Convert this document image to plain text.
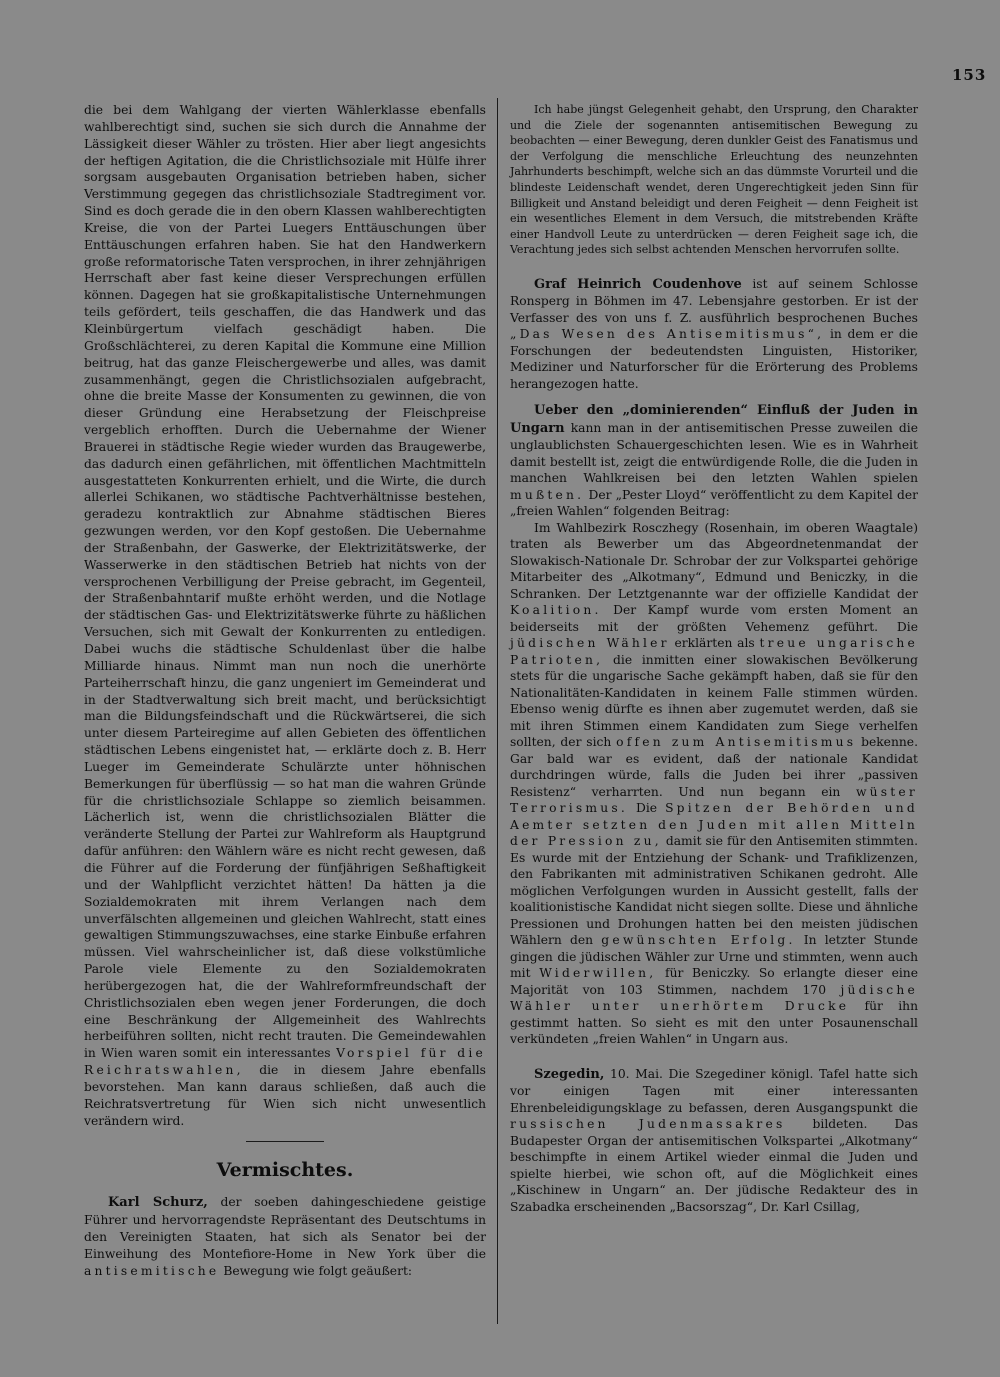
153

die bei dem Wahlgang der vierten Wählerklasse ebenfalls wahlberechtigt sind, suchen sie sich durch die Annahme der Lässigkeit dieser Wähler zu trösten. Hier aber liegt angesichts der heftigen Agitation, die die Christlichsoziale mit Hülfe ihrer sorgsam ausgebauten Organisation betrieben haben, sicher Verstimmung gegegen das christlichsoziale Stadtregiment vor. Sind es doch gerade die in den obern Klassen wahlberechtigten Kreise, die von der Partei Luegers Enttäuschungen über Enttäuschungen erfahren haben. Sie hat den Handwerkern große reformatorische Taten versprochen, in ihrer zehnjährigen Herrschaft aber fast keine dieser Versprechungen erfüllen können. Dagegen hat sie großkapitalistische Unternehmungen teils gefördert, teils geschaffen, die das Handwerk und das Kleinbürgertum vielfach geschädigt haben. Die Großschlächterei, zu deren Kapital die Kommune eine Million beitrug, hat das ganze Fleischergewerbe und alles, was damit zusammenhängt, gegen die Christlichsozialen aufgebracht, ohne die breite Masse der Konsumenten zu gewinnen, die von dieser Gründung eine Herabsetzung der Fleischpreise vergeblich erhofften. Durch die Uebernahme der Wiener Brauerei in städtische Regie wieder wurden das Braugewerbe, das dadurch einen gefährlichen, mit öffentlichen Machtmitteln ausgestatteten Konkurrenten erhielt, und die Wirte, die durch allerlei Schikanen, wo städtische Pachtverhältnisse bestehen, geradezu kontraktlich zur Abnahme städtischen Bieres gezwungen werden, vor den Kopf gestoßen. Die Uebernahme der Straßenbahn, der Gaswerke, der Elektrizitätswerke, der Wasserwerke in den städtischen Betrieb hat nichts von der versprochenen Verbilligung der Preise gebracht, im Gegenteil, der Straßenbahntarif mußte erhöht werden, und die Notlage der städtischen Gas- und Elektrizitätswerke führte zu häßlichen Versuchen, sich mit Gewalt der Konkurrenten zu entledigen. Dabei wuchs die städtische Schuldenlast über die halbe Milliarde hinaus. Nimmt man nun noch die unerhörte Parteiherrschaft hinzu, die ganz ungeniert im Gemeinderat und in der Stadtverwaltung sich breit macht, und berücksichtigt man die Bildungsfeindschaft und die Rückwärtserei, die sich unter diesem Parteiregime auf allen Gebieten des öffentlichen städtischen Lebens eingenistet hat, — erklärte doch z. B. Herr Lueger im Gemeinderate Schulärzte unter höhnischen Bemerkungen für überflüssig — so hat man die wahren Gründe für die christlichsoziale Schlappe so ziemlich beisammen. Lächerlich ist, wenn die christlichsozialen Blätter die veränderte Stellung der Partei zur Wahlreform als Hauptgrund dafür anführen: den Wählern wäre es nicht recht gewesen, daß die Führer auf die Forderung der fünfjährigen Seßhaftigkeit und der Wahlpflicht verzichtet hätten! Da hätten ja die Sozialdemokraten mit ihrem Verlangen nach dem unverfälschten allgemeinen und gleichen Wahlrecht, statt eines gewaltigen Stimmungszuwachses, eine starke Einbuße erfahren müssen. Viel wahrscheinlicher ist, daß diese volkstümliche Parole viele Elemente zu den Sozialdemokraten herübergezogen hat, die der Wahlreformfreundschaft der Christlichsozialen eben wegen jener Forderungen, die doch eine Beschränkung der Allgemeinheit des Wahlrechts herbeiführen sollten, nicht recht trauten. Die Gemeindewahlen in Wien waren somit ein interessantes Vorspiel für die Reichratswahlen, die in diesem Jahre ebenfalls bevorstehen. Man kann daraus schließen, daß auch die Reichratsvertretung für Wien sich nicht unwesentlich verändern wird.

Vermischtes.

Karl Schurz, der soeben dahingeschiedene geistige Führer und hervorragendste Repräsentant des Deutschtums in den Vereinigten Staaten, hat sich als Senator bei der Einweihung des Montefiore-Home in New York über die antisemitische Bewegung wie folgt geäußert:

Ich habe jüngst Gelegenheit gehabt, den Ursprung, den Charakter und die Ziele der sogenannten antisemitischen Bewegung zu beobachten — einer Bewegung, deren dunkler Geist des Fanatismus und der Verfolgung die menschliche Erleuchtung des neunzehnten Jahrhunderts beschimpft, welche sich an das dümmste Vorurteil und die blindeste Leidenschaft wendet, deren Ungerechtigkeit jeden Sinn für Billigkeit und Anstand beleidigt und deren Feigheit — denn Feigheit ist ein wesentliches Element in dem Versuch, die mitstrebenden Kräfte einer Handvoll Leute zu unterdrücken — deren Feigheit sage ich, die Verachtung jedes sich selbst achtenden Menschen hervorrufen sollte.

Graf Heinrich Coudenhove ist auf seinem Schlosse Ronsperg in Böhmen im 47. Lebensjahre gestorben. Er ist der Verfasser des von uns f. Z. ausführlich besprochenen Buches „Das Wesen des Antisemitismus“, in dem er die Forschungen der bedeutendsten Linguisten, Historiker, Mediziner und Naturforscher für die Erörterung des Problems herangezogen hatte.

Ueber den „dominierenden“ Einfluß der Juden in Ungarn kann man in der antisemitischen Presse zuweilen die unglaublichsten Schauergeschichten lesen. Wie es in Wahrheit damit bestellt ist, zeigt die entwürdigende Rolle, die die Juden in manchen Wahlkreisen bei den letzten Wahlen spielen mußten. Der „Pester Lloyd“ veröffentlicht zu dem Kapitel der „freien Wahlen“ folgenden Beitrag:

Im Wahlbezirk Rosczhegy (Rosenhain, im oberen Waagtale) traten als Bewerber um das Abgeordnetenmandat der Slowakisch-Nationale Dr. Schrobar der zur Volkspartei gehörige Mitarbeiter des „Alkotmany“, Edmund und Beniczky, in die Schranken. Der Letztgenannte war der offizielle Kandidat der Koalition. Der Kampf wurde vom ersten Moment an beiderseits mit der größten Vehemenz geführt. Die jüdischen Wähler erklärten als treue ungarische Patrioten, die inmitten einer slowakischen Bevölkerung stets für die ungarische Sache gekämpft haben, daß sie für den Nationalitäten-Kandidaten in keinem Falle stimmen würden. Ebenso wenig dürfte es ihnen aber zugemutet werden, daß sie mit ihren Stimmen einem Kandidaten zum Siege verhelfen sollten, der sich offen zum Antisemitismus bekenne. Gar bald war es evident, daß der nationale Kandidat durchdringen würde, falls die Juden bei ihrer „passiven Resistenz“ verharrten. Und nun begann ein wüster Terrorismus. Die Spitzen der Behörden und Aemter setzten den Juden mit allen Mitteln der Pression zu, damit sie für den Antisemiten stimmten. Es wurde mit der Entziehung der Schank- und Trafiklizenzen, den Fabrikanten mit administrativen Schikanen gedroht. Alle möglichen Verfolgungen wurden in Aussicht gestellt, falls der koalitionistische Kandidat nicht siegen sollte. Diese und ähnliche Pressionen und Drohungen hatten bei den meisten jüdischen Wählern den gewünschten Erfolg. In letzter Stunde gingen die jüdischen Wähler zur Urne und stimmten, wenn auch mit Widerwillen, für Beniczky. So erlangte dieser eine Majorität von 103 Stimmen, nachdem 170 jüdische Wähler unter unerhörtem Drucke für ihn gestimmt hatten. So sieht es mit den unter Posaunenschall verkündeten „freien Wahlen“ in Ungarn aus.

Szegedin, 10. Mai. Die Szegediner königl. Tafel hatte sich vor einigen Tagen mit einer interessanten Ehrenbeleidigungsklage zu befassen, deren Ausgangspunkt die russischen Judenmassakres bildeten. Das Budapester Organ der antisemitischen Volkspartei „Alkotmany“ beschimpfte in einem Artikel wieder einmal die Juden und spielte hierbei, wie schon oft, auf die Möglichkeit eines „Kischinew in Ungarn“ an. Der jüdische Redakteur des in Szabadka erscheinenden „Bacsorszag“, Dr. Karl Csillag,
